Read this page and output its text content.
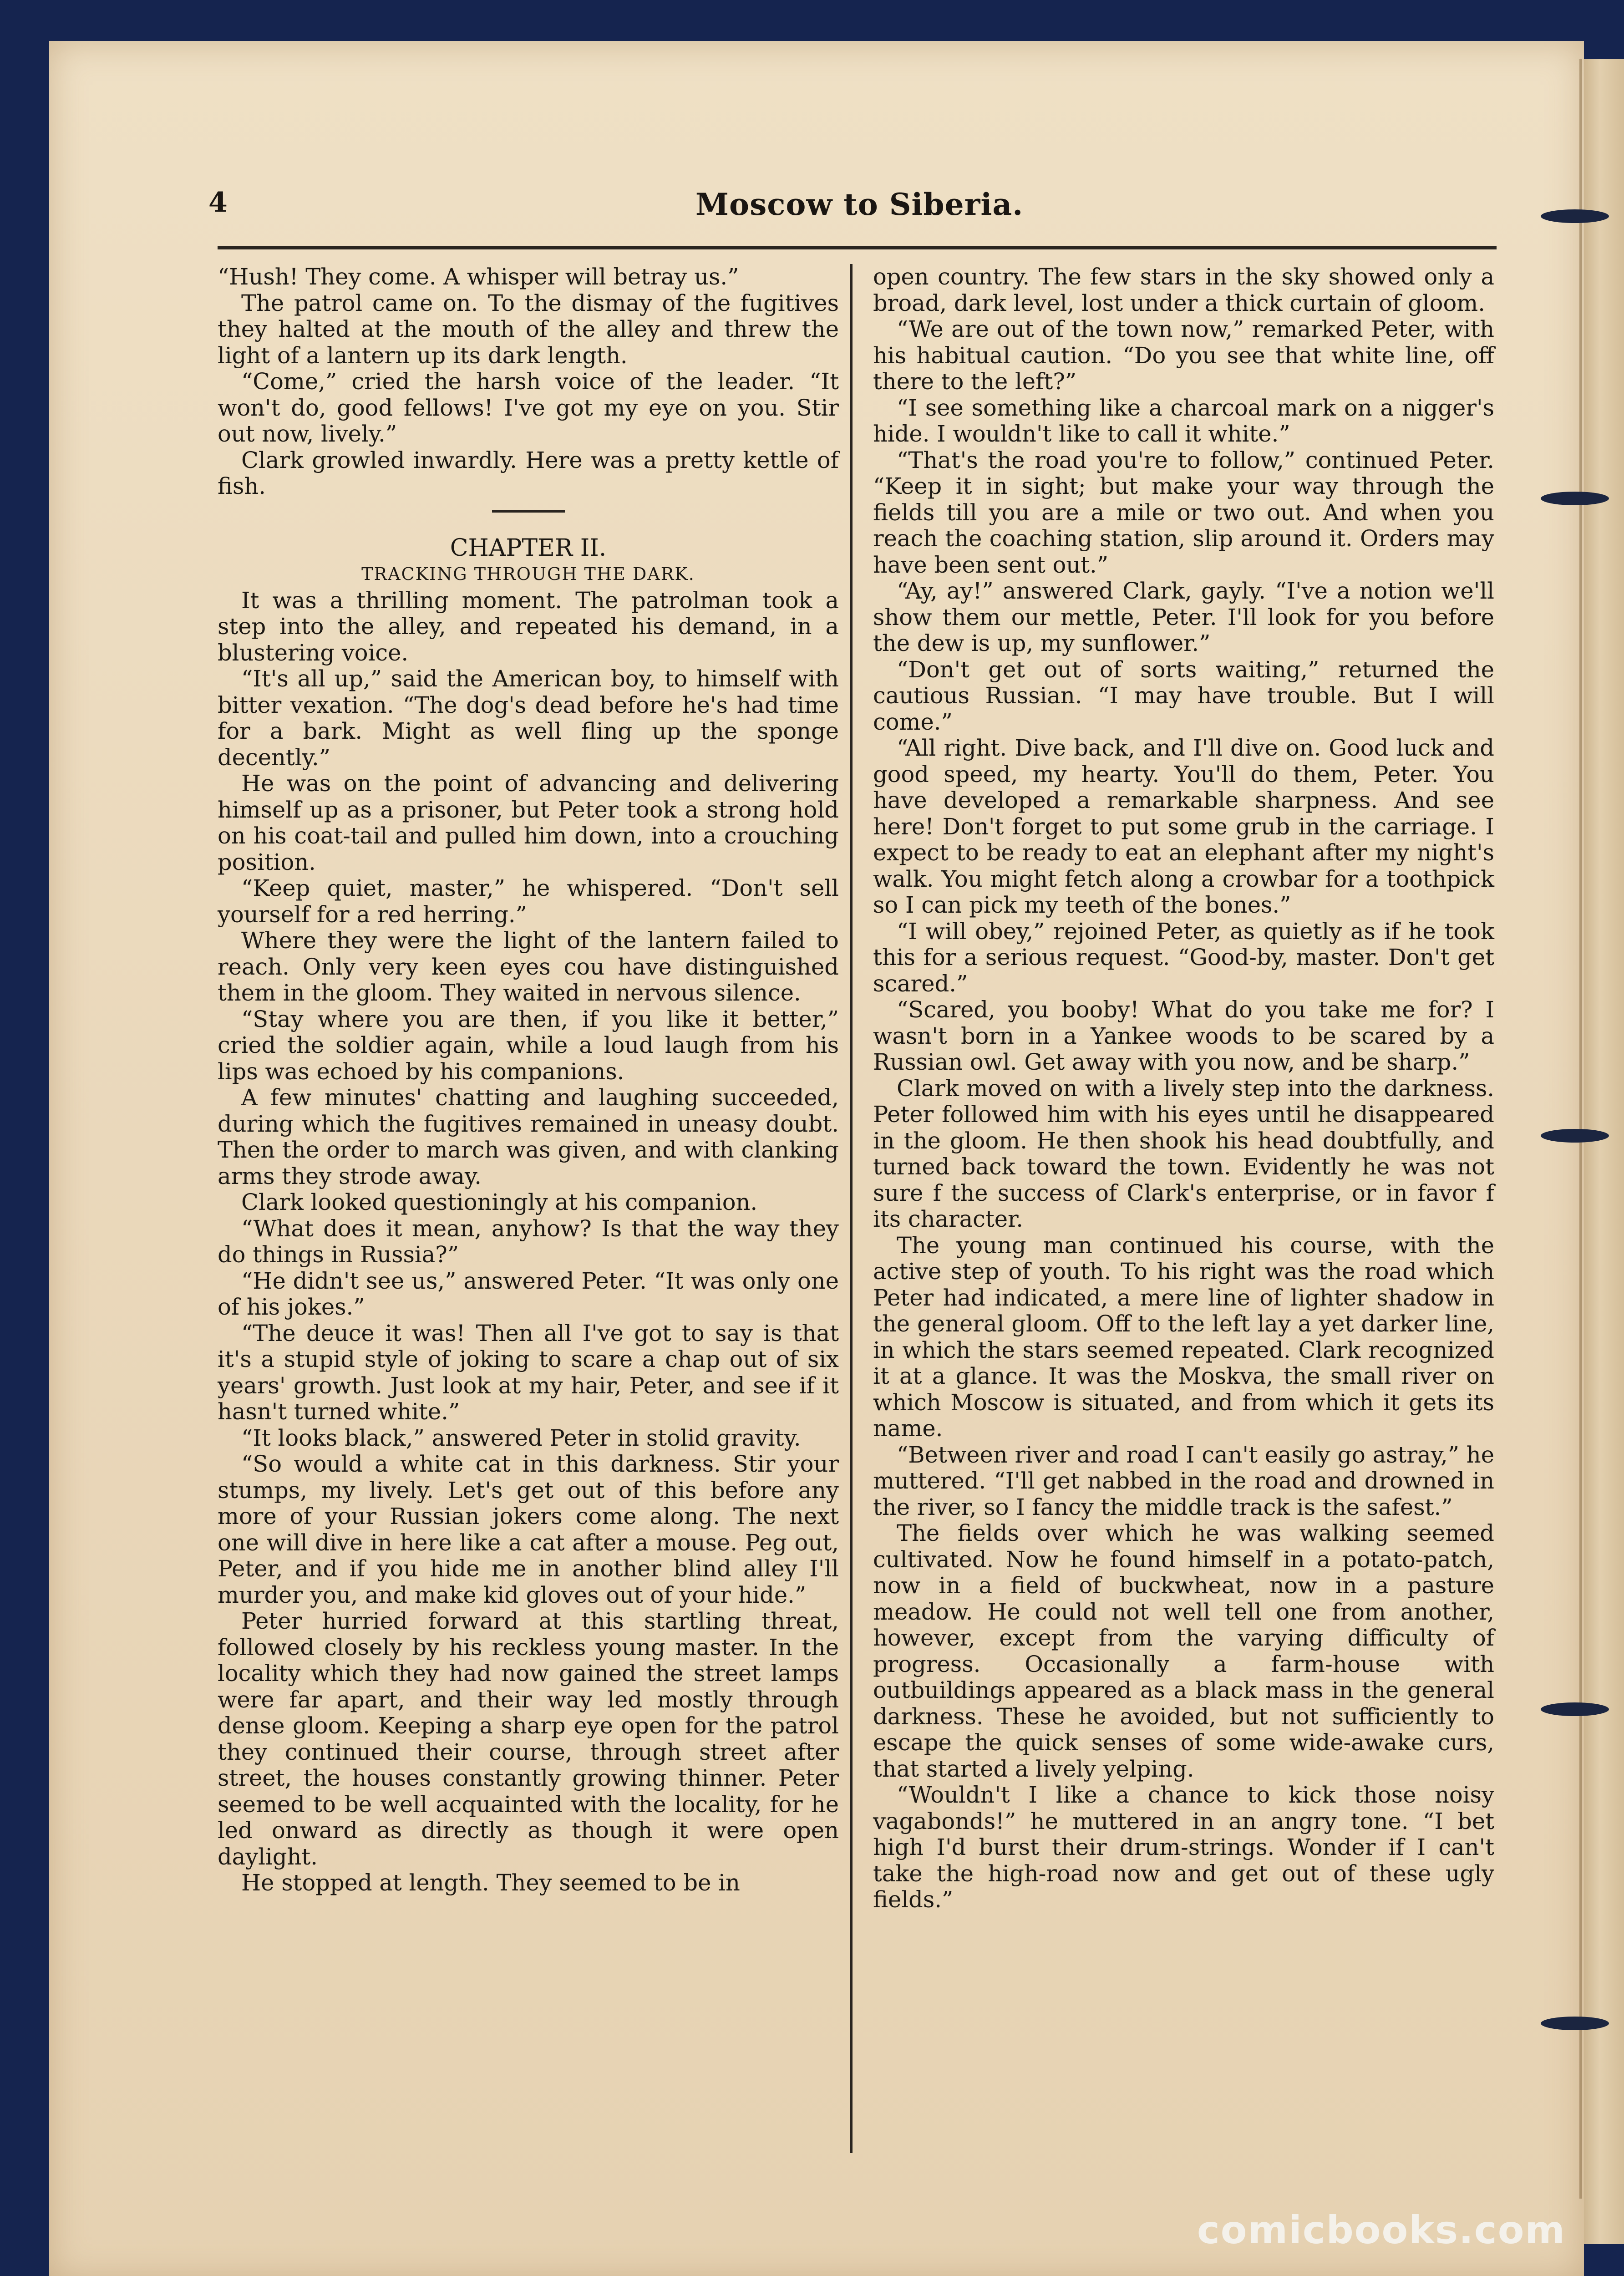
4	Moscow to Siberia.

“Hush! They come. A whisper will betray us.”

The patrol came on. To the dismay of the fugitives they halted at the mouth of the alley and threw the light of a lantern up its dark length.

“Come,” cried the harsh voice of the leader. “It won't do, good fellows! I've got my eye on you. Stir out now, lively.”

Clark growled inwardly. Here was a pretty kettle of fish.

CHAPTER II.

TRACKING THROUGH THE DARK.

It was a thrilling moment. The patrolman took a step into the alley, and repeated his demand, in a blustering voice.

“It's all up,” said the American boy, to himself with bitter vexation. “The dog's dead before he's had time for a bark. Might as well fling up the sponge decently.”

He was on the point of advancing and delivering himself up as a prisoner, but Peter took a strong hold on his coat-tail and pulled him down, into a crouching position.

“Keep quiet, master,” he whispered. “Don't sell yourself for a red herring.”

Where they were the light of the lantern failed to reach. Only very keen eyes cou have distinguished them in the gloom. They waited in nervous silence.

“Stay where you are then, if you like it better,” cried the soldier again, while a loud laugh from his lips was echoed by his companions.

A few minutes' chatting and laughing succeeded, during which the fugitives remained in uneasy doubt. Then the order to march was given, and with clanking arms they strode away.

Clark looked questioningly at his companion.

“What does it mean, anyhow? Is that the way they do things in Russia?”

“He didn't see us,” answered Peter. “It was only one of his jokes.”

“The deuce it was! Then all I've got to say is that it's a stupid style of joking to scare a chap out of six years' growth. Just look at my hair, Peter, and see if it hasn't turned white.”

“It looks black,” answered Peter in stolid gravity.

“So would a white cat in this darkness. Stir your stumps, my lively. Let's get out of this before any more of your Russian jokers come along. The next one will dive in here like a cat after a mouse. Peg out, Peter, and if you hide me in another blind alley I'll murder you, and make kid gloves out of your hide.”

Peter hurried forward at this startling threat, followed closely by his reckless young master. In the locality which they had now gained the street lamps were far apart, and their way led mostly through dense gloom. Keeping a sharp eye open for the patrol they continued their course, through street after street, the houses constantly growing thinner. Peter seemed to be well acquainted with the locality, for he led onward as directly as though it were open daylight.

He stopped at length. They seemed to be in

open country. The few stars in the sky showed only a broad, dark level, lost under a thick curtain of gloom.

“We are out of the town now,” remarked Peter, with his habitual caution. “Do you see that white line, off there to the left?”

“I see something like a charcoal mark on a nigger's hide. I wouldn't like to call it white.”

“That's the road you're to follow,” continued Peter. “Keep it in sight; but make your way through the fields till you are a mile or two out. And when you reach the coaching station, slip around it. Orders may have been sent out.”

“Ay, ay!” answered Clark, gayly. “I've a notion we'll show them our mettle, Peter. I'll look for you before the dew is up, my sunflower.”

“Don't get out of sorts waiting,” returned the cautious Russian. “I may have trouble. But I will come.”

“All right. Dive back, and I'll dive on. Good luck and good speed, my hearty. You'll do them, Peter. You have developed a remarkable sharpness. And see here! Don't forget to put some grub in the carriage. I expect to be ready to eat an elephant after my night's walk. You might fetch along a crowbar for a toothpick so I can pick my teeth of the bones.”

“I will obey,” rejoined Peter, as quietly as if he took this for a serious request. “Good-by, master. Don't get scared.”

“Scared, you booby! What do you take me for? I wasn't born in a Yankee woods to be scared by a Russian owl. Get away with you now, and be sharp.”

Clark moved on with a lively step into the darkness. Peter followed him with his eyes until he disappeared in the gloom. He then shook his head doubtfully, and turned back toward the town. Evidently he was not sure f the success of Clark's enterprise, or in favor f its character.

The young man continued his course, with the active step of youth. To his right was the road which Peter had indicated, a mere line of lighter shadow in the general gloom. Off to the left lay a yet darker line, in which the stars seemed repeated. Clark recognized it at a glance. It was the Moskva, the small river on which Moscow is situated, and from which it gets its name.

“Between river and road I can't easily go astray,” he muttered. “I'll get nabbed in the road and drowned in the river, so I fancy the middle track is the safest.”

The fields over which he was walking seemed cultivated. Now he found himself in a potato-patch, now in a field of buckwheat, now in a pasture meadow. He could not well tell one from another, however, except from the varying difficulty of progress. Occasionally a farm-house with outbuildings appeared as a black mass in the general darkness. These he avoided, but not sufficiently to escape the quick senses of some wide-awake curs, that started a lively yelping.

“Wouldn't I like a chance to kick those noisy vagabonds!” he muttered in an angry tone. “I bet high I'd burst their drum-strings. Wonder if I can't take the high-road now and get out of these ugly fields.”

comicbooks.com
